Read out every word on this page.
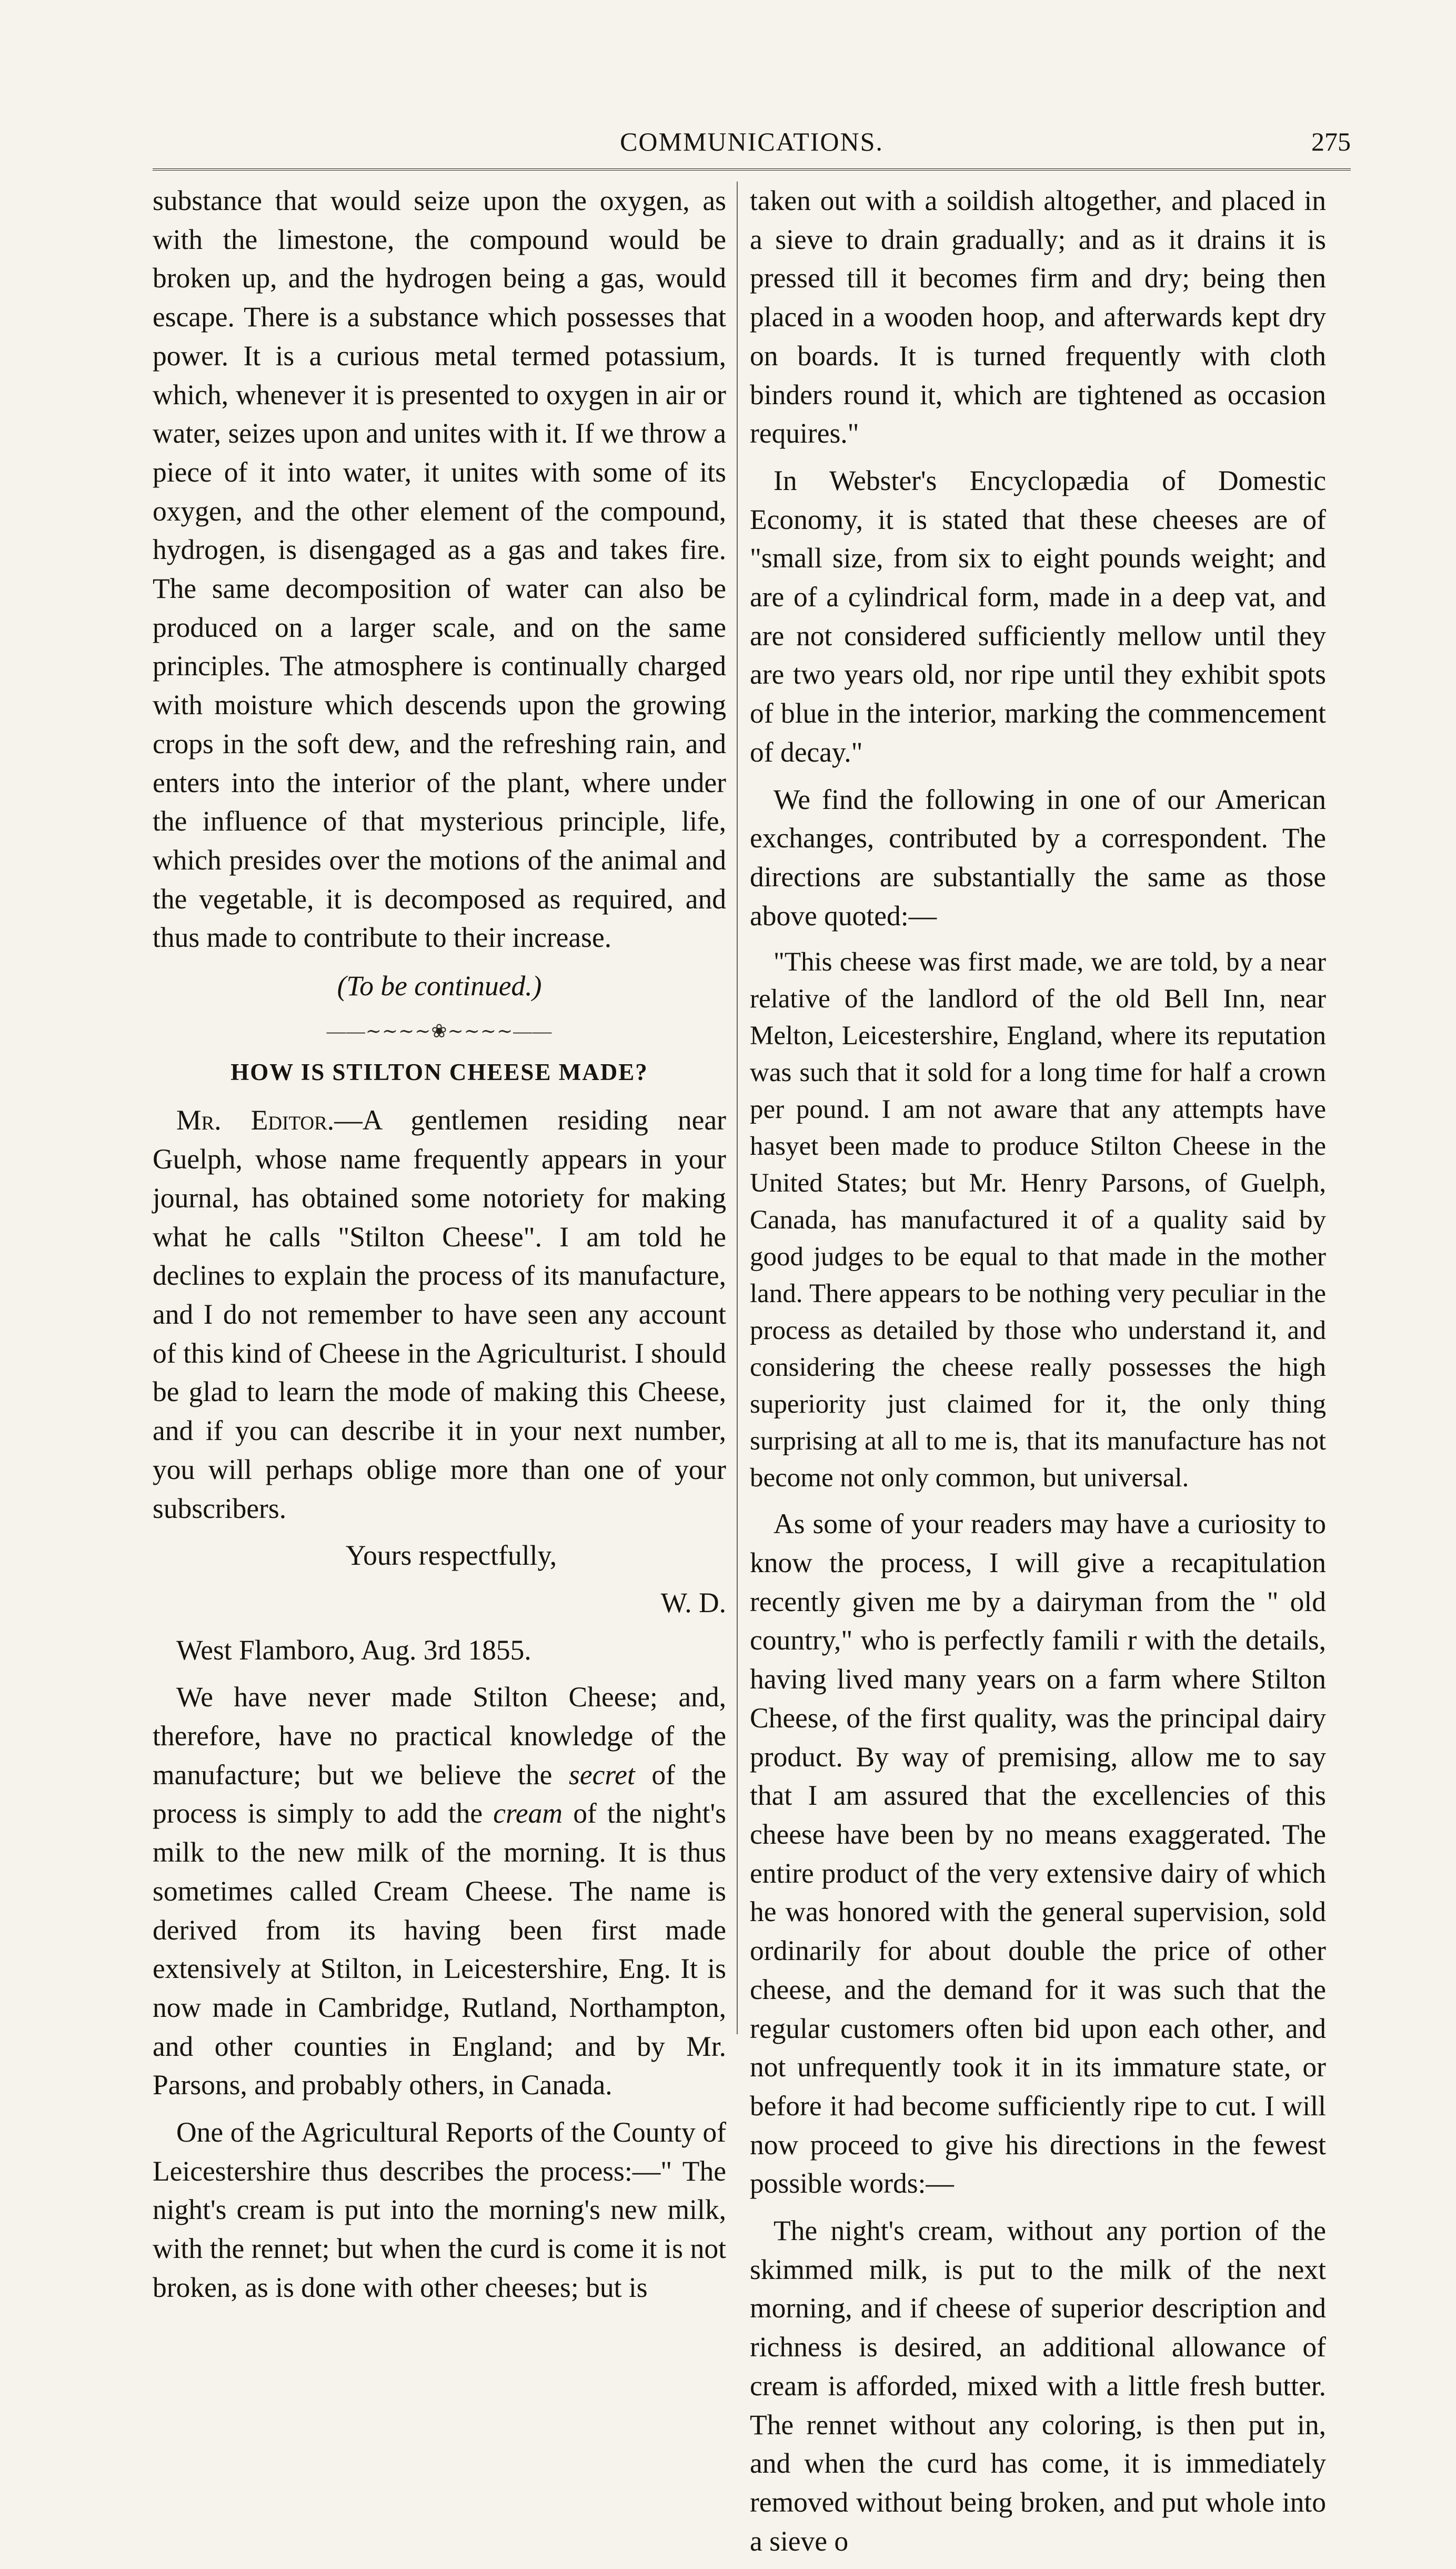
COMMUNICATIONS.	275

substance that would seize upon the oxygen, as with the limestone, the compound would be broken up, and the hydrogen being a gas, would escape. There is a substance which possesses that power. It is a curious metal termed potassium, which, whenever it is presented to oxygen in air or water, seizes upon and unites with it. If we throw a piece of it into water, it unites with some of its oxygen, and the other element of the compound, hydrogen, is disengaged as a gas and takes fire. The same decomposition of water can also be produced on a larger scale, and on the same principles. The atmosphere is continually charged with moisture which descends upon the growing crops in the soft dew, and the refreshing rain, and enters into the interior of the plant, where under the influence of that mysterious principle, life, which presides over the motions of the animal and the vegetable, it is decomposed as required, and thus made to contribute to their increase.

(To be continued.)

——∼∼∼∼❀∼∼∼∼——
HOW IS STILTON CHEESE MADE?

Mr. Editor.—A gentlemen residing near Guelph, whose name frequently appears in your journal, has obtained some notoriety for making what he calls "Stilton Cheese". I am told he declines to explain the process of its manufacture, and I do not remember to have seen any account of this kind of Cheese in the Agriculturist. I should be glad to learn the mode of making this Cheese, and if you can describe it in your next number, you will perhaps oblige more than one of your subscribers.

Yours respectfully,

W. D.

West Flamboro, Aug. 3rd 1855.

We have never made Stilton Cheese; and, therefore, have no practical knowledge of the manufacture; but we believe the secret of the process is simply to add the cream of the night's milk to the new milk of the morning. It is thus sometimes called Cream Cheese. The name is derived from its having been first made extensively at Stilton, in Leicestershire, Eng. It is now made in Cambridge, Rutland, Northampton, and other counties in England; and by Mr. Parsons, and probably others, in Canada.

One of the Agricultural Reports of the County of Leicestershire thus describes the process:—" The night's cream is put into the morning's new milk, with the rennet; but when the curd is come it is not broken, as is done with other cheeses; but is

taken out with a soildish altogether, and placed in a sieve to drain gradually; and as it drains it is pressed till it becomes firm and dry; being then placed in a wooden hoop, and afterwards kept dry on boards. It is turned frequently with cloth binders round it, which are tightened as occasion requires."

In Webster's Encyclopædia of Domestic Economy, it is stated that these cheeses are of "small size, from six to eight pounds weight; and are of a cylindrical form, made in a deep vat, and are not considered sufficiently mellow until they are two years old, nor ripe until they exhibit spots of blue in the interior, marking the commencement of decay."

We find the following in one of our American exchanges, contributed by a correspondent. The directions are substantially the same as those above quoted:—

"This cheese was first made, we are told, by a near relative of the landlord of the old Bell Inn, near Melton, Leicestershire, England, where its reputation was such that it sold for a long time for half a crown per pound. I am not aware that any attempts have hasyet been made to produce Stilton Cheese in the United States; but Mr. Henry Parsons, of Guelph, Canada, has manufactured it of a quality said by good judges to be equal to that made in the mother land. There appears to be nothing very peculiar in the process as detailed by those who understand it, and considering the cheese really possesses the high superiority just claimed for it, the only thing surprising at all to me is, that its manufacture has not become not only common, but universal.

As some of your readers may have a curiosity to know the process, I will give a recapitulation recently given me by a dairyman from the " old country," who is perfectly famili r with the details, having lived many years on a farm where Stilton Cheese, of the first quality, was the principal dairy product. By way of premising, allow me to say that I am assured that the excellencies of this cheese have been by no means exaggerated. The entire product of the very extensive dairy of which he was honored with the general supervision, sold ordinarily for about double the price of other cheese, and the demand for it was such that the regular customers often bid upon each other, and not unfrequently took it in its immature state, or before it had become sufficiently ripe to cut. I will now proceed to give his directions in the fewest possible words:—

The night's cream, without any portion of the skimmed milk, is put to the milk of the next morning, and if cheese of superior description and richness is desired, an additional allowance of cream is afforded, mixed with a little fresh butter. The rennet without any coloring, is then put in, and when the curd has come, it is immediately removed without being broken, and put whole into a sieve o
